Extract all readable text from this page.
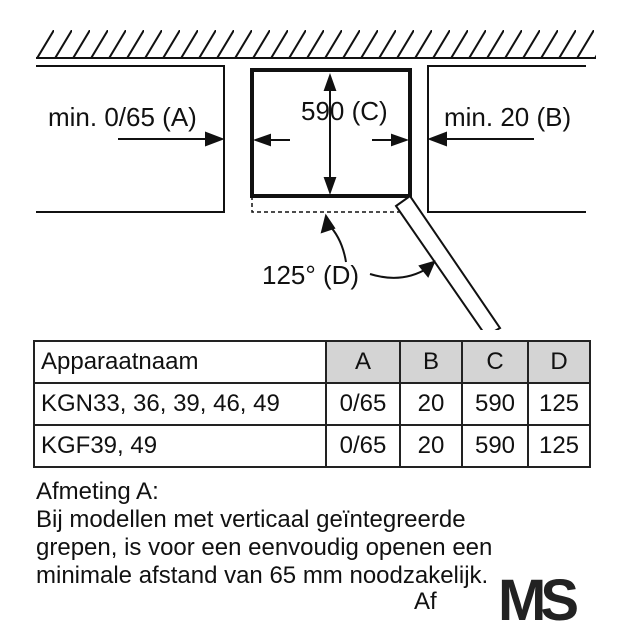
min. 0/65 (A)	min. 20 (B)
590 (C)
125° (D)
Apparaatnaam	A	B	C	D
KGN33, 36, 39, 46, 49	0/65	20	590	125
KGF39, 49	0/65	20	590	125

Afmeting A:

Bij modellen met verticaal geïntegreerde

grepen, is voor een eenvoudig openen een

minimale afstand van 65 mm noodzakelijk.

Af MS
